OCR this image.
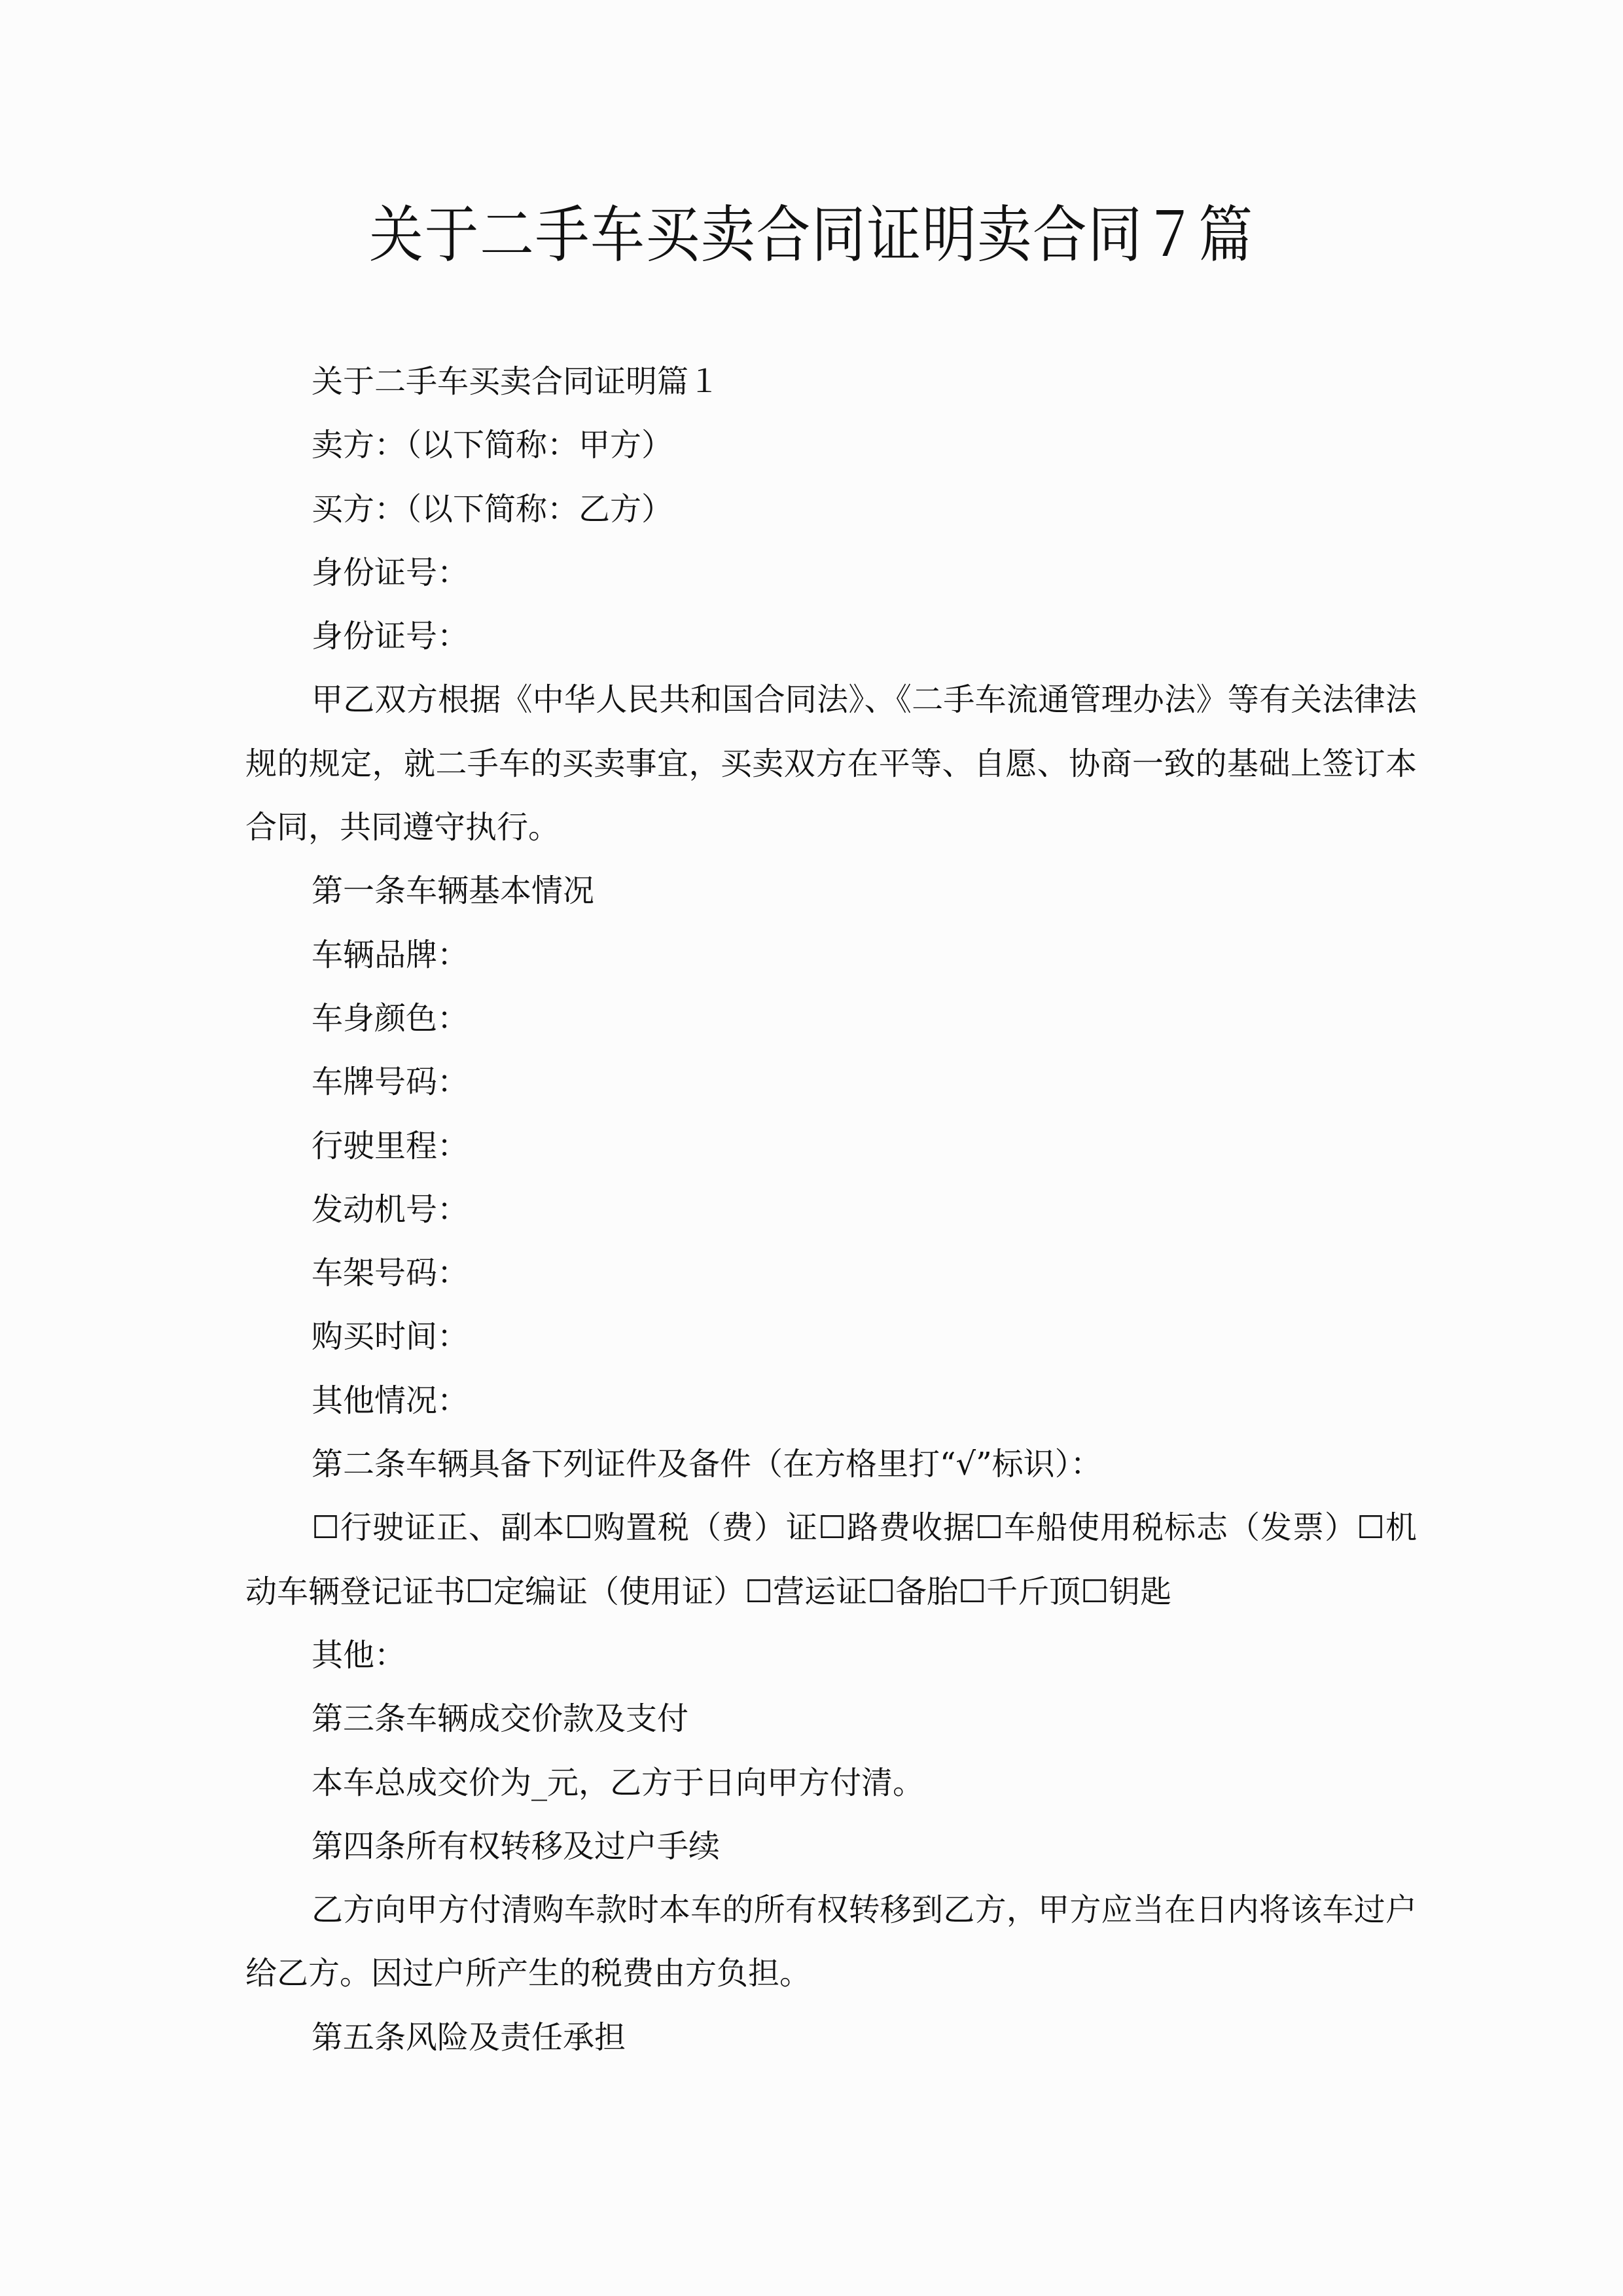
关于二手车买卖合同证明卖合同７篇

关于二手车买卖合同证明篇１

卖方：（以下简称：甲方）

买方：（以下简称：乙方）

身份证号：

身份证号：

甲乙双方根据《中华人民共和国合同法》、《二手车流通管理办法》等有关法律法规的规定，就二手车的买卖事宜，买卖双方在平等、自愿、协商一致的基础上签订本合同，共同遵守执行。

第一条车辆基本情况

车辆品牌：

车身颜色：

车牌号码：

行驶里程：

发动机号：

车架号码：

购买时间：

其他情况：

第二条车辆具备下列证件及备件（在方格里打“√”标识）：

☐行驶证正、副本☐购置税（费）证☐路费收据☐车船使用税标志（发票）☐机动车辆登记证书☐定编证（使用证）☐营运证☐备胎☐千斤顶☐钥匙

其他：

第三条车辆成交价款及支付

本车总成交价为_元，乙方于日向甲方付清。

第四条所有权转移及过户手续

乙方向甲方付清购车款时本车的所有权转移到乙方，甲方应当在日内将该车过户给乙方。因过户所产生的税费由方负担。

第五条风险及责任承担
